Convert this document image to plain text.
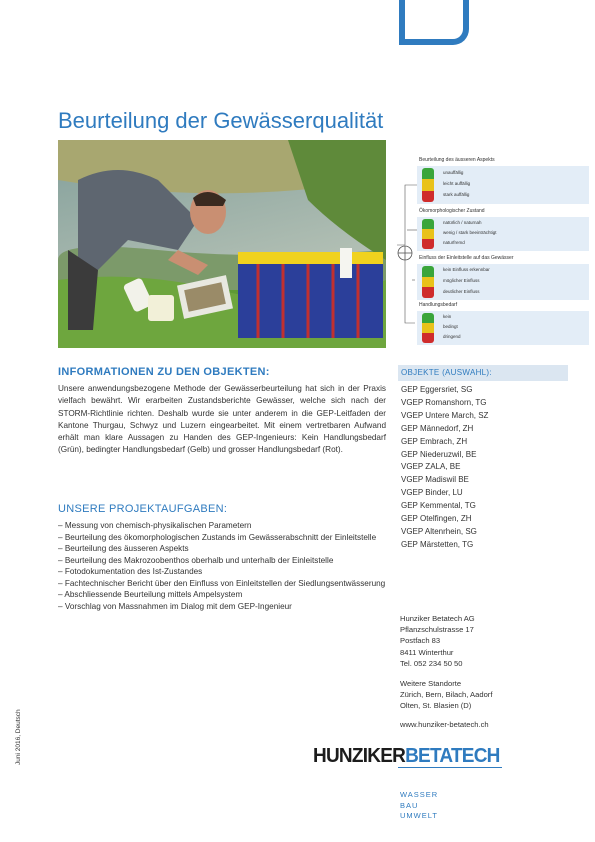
Beurteilung der Gewässerqualität
Beurteilung des äusseren Aspekts
unauffällig
leicht auffällig
stark auffällig
Ökomorphologischer Zustand
natürlich / naturnah
wenig / stark beeinträchtigt
naturfremd
Einfluss der Einleitstelle auf das Gewässer
kein Einfluss erkennbar
möglicher Einfluss
deutlicher Einfluss
Handlungsbedarf
kein
bedingt
dringend
INFORMATIONEN ZU DEN OBJEKTEN:
Unsere anwendungsbezogene Methode der Gewässerbeurteilung hat sich in der Praxis vielfach bewährt. Wir erarbeiten Zustandsberichte Gewässer, welche sich nach der STORM-Richtlinie richten. Deshalb wurde sie unter anderem in die GEP-Leitfaden der Kantone Thurgau, Schwyz und Luzern eingearbeitet. Mit einem vertretbaren Aufwand erhält man klare Aussagen zu Handen des GEP-Ingenieurs: Kein Handlungsbedarf (Grün), bedingter Handlungsbedarf (Gelb) und grosser Handlungsbedarf (Rot).
UNSERE PROJEKTAUFGABEN:
– Messung von chemisch-physikalischen Parametern
– Beurteilung des ökomorphologischen Zustands im Gewässerabschnitt der Einleitstelle
– Beurteilung des äusseren Aspekts
– Beurteilung des Makrozoobenthos oberhalb und unterhalb der Einleitstelle
– Fotodokumentation des Ist-Zustandes
– Fachtechnischer Bericht über den Einfluss von Einleitstellen der Siedlungsentwässerung
– Abschliessende Beurteilung mittels Ampelsystem
– Vorschlag von Massnahmen im Dialog mit dem GEP-Ingenieur
OBJEKTE (AUSWAHL):
GEP Eggersriet, SG
VGEP Romanshorn, TG
VGEP Untere March, SZ
GEP Männedorf, ZH
GEP Embrach, ZH
GEP Niederuzwil, BE
VGEP ZALA, BE
VGEP Madiswil BE
VGEP Binder, LU
GEP Kemmental, TG
GEP Otelfingen, ZH
VGEP Altenrhein, SG
GEP Märstetten, TG
Hunziker Betatech AG
Pflanzschulstrasse 17
Postfach 83
8411 Winterthur
Tel. 052 234 50 50
Weitere Standorte
Zürich, Bern, Bilach, Aadorf
Olten, St. Blasien (D)
www.hunziker-betatech.ch
HUNZIKERBETATECH
WASSER
BAU
UMWELT
Juni 2016, Deutsch
